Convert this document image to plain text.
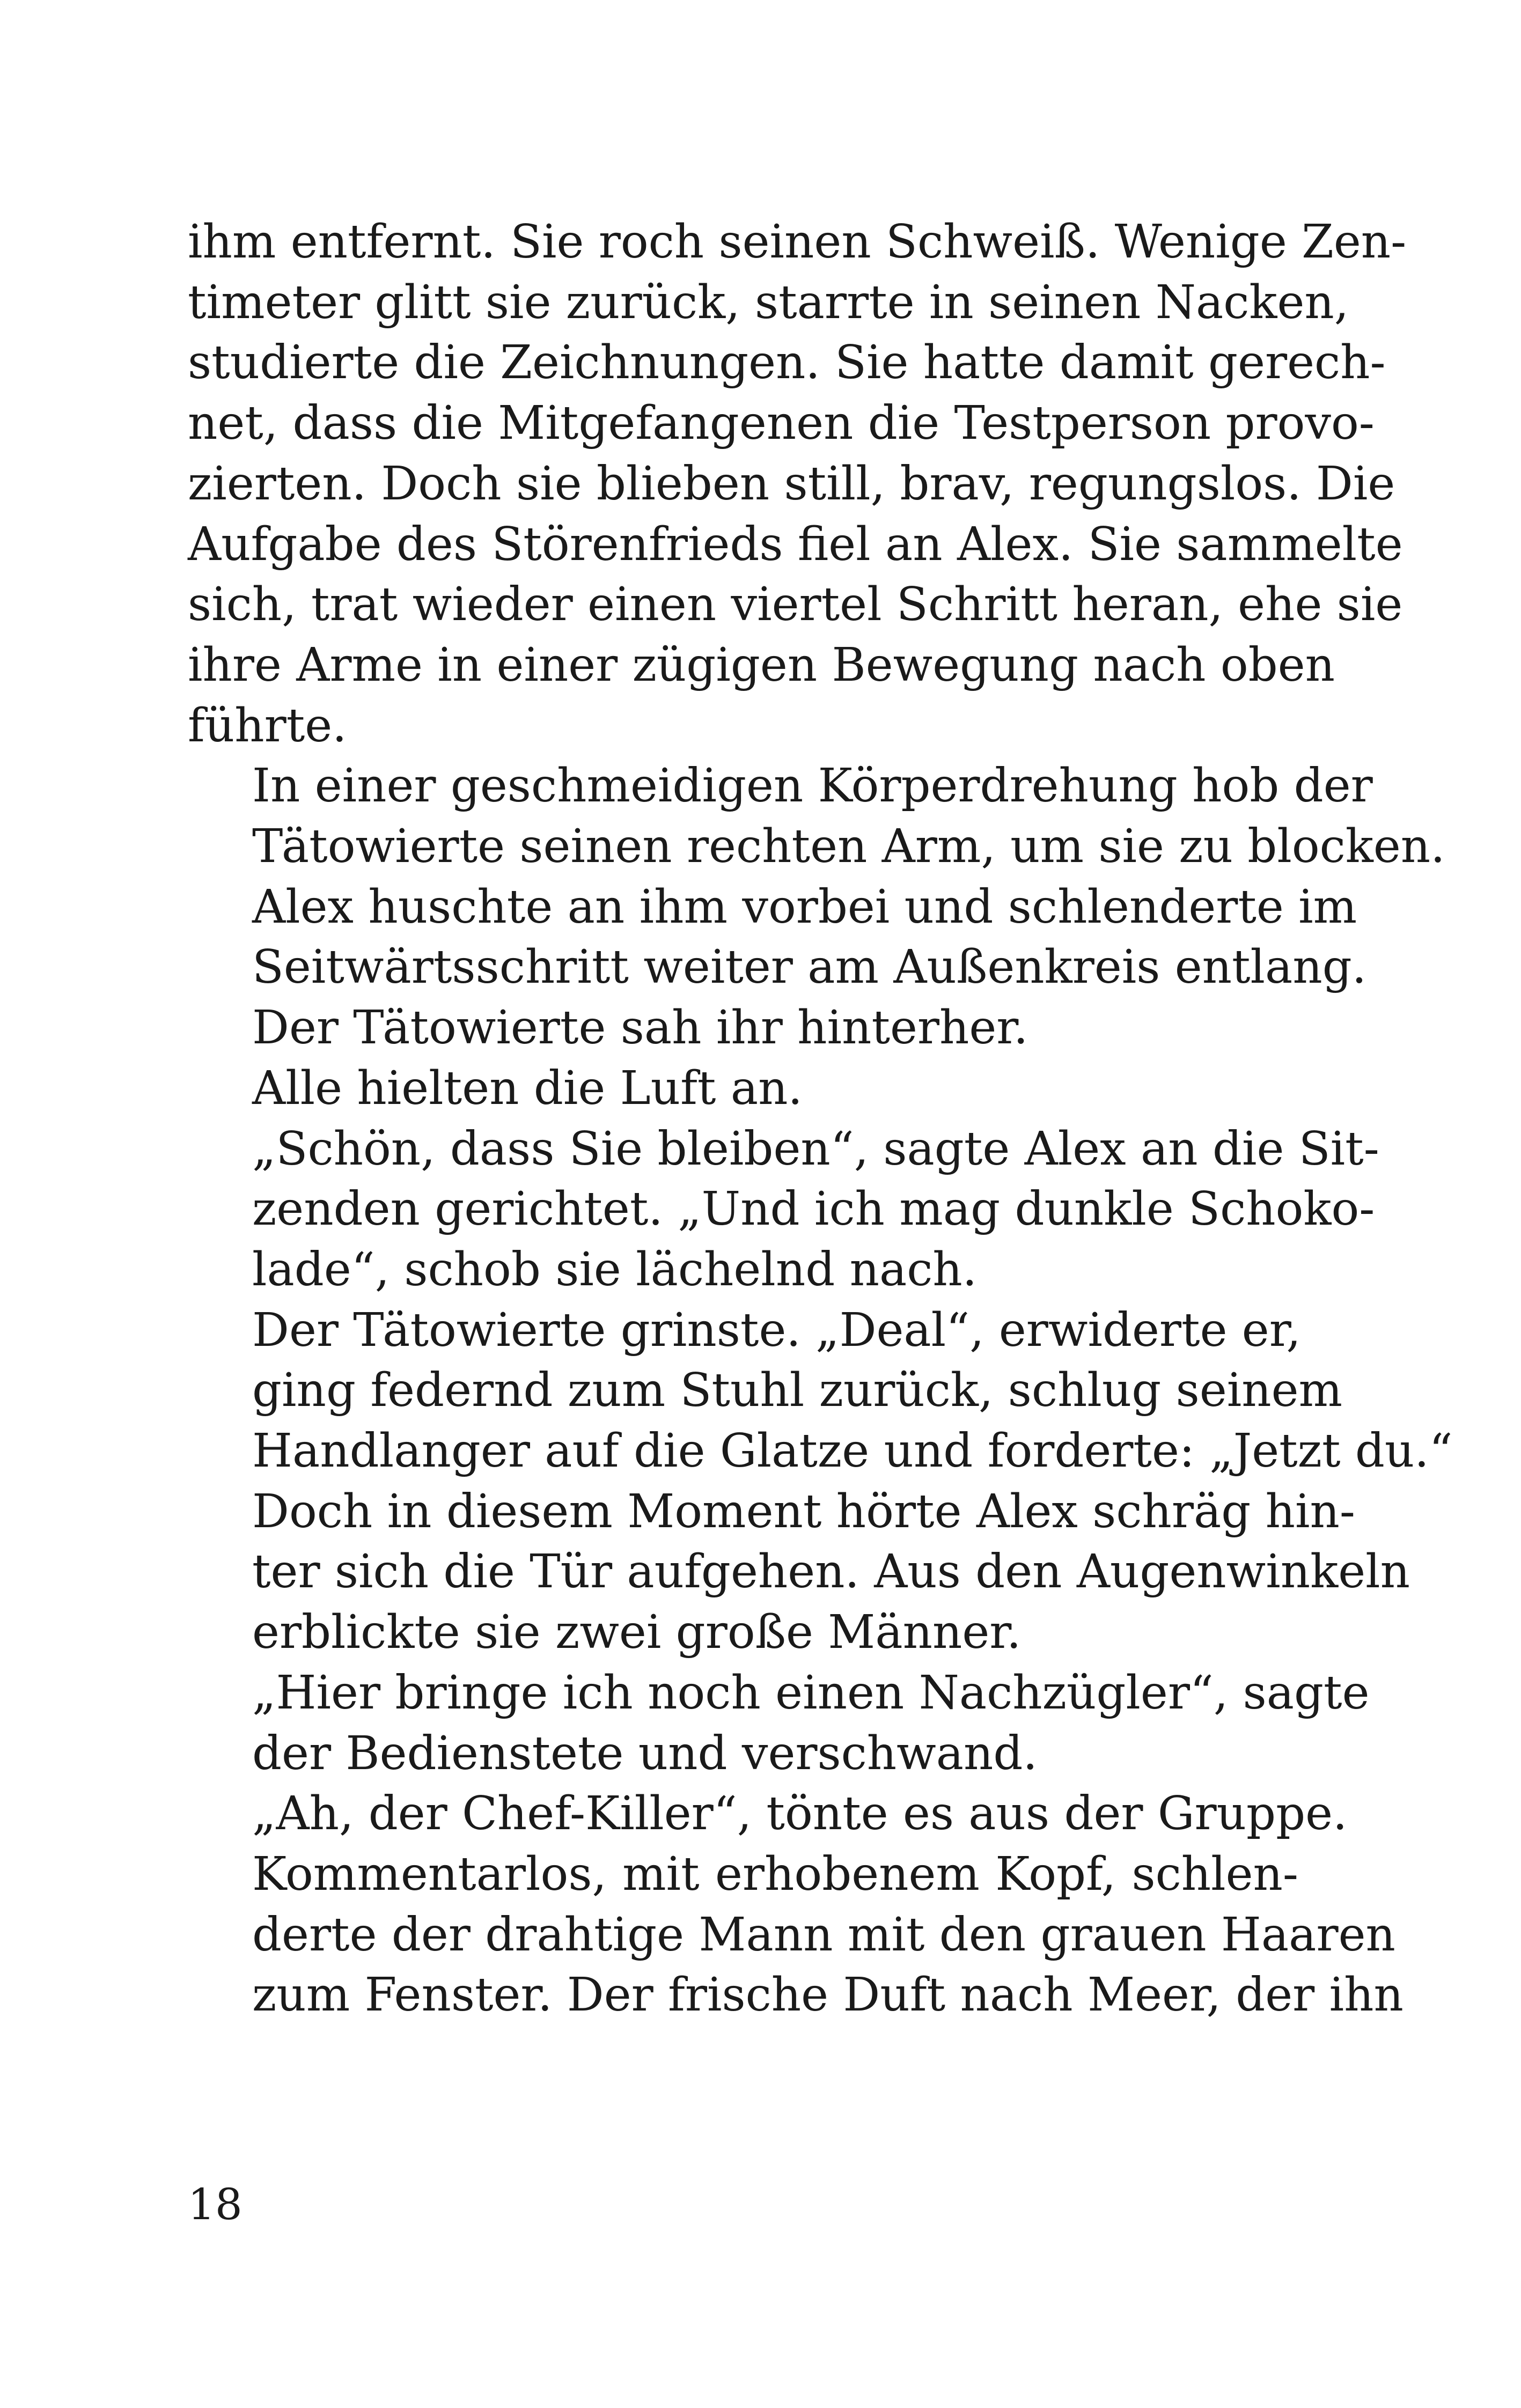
ihm entfernt. Sie roch seinen Schweiß. Wenige Zen-
timeter glitt sie zurück, starrte in seinen Nacken,
studierte die Zeichnungen. Sie hatte damit gerech-
net, dass die Mitgefangenen die Testperson provo-
zierten. Doch sie blieben still, brav, regungslos. Die
Aufgabe des Störenfrieds fiel an Alex. Sie sammelte
sich, trat wieder einen viertel Schritt heran, ehe sie
ihre Arme in einer zügigen Bewegung nach oben
führte.

In einer geschmeidigen Körperdrehung hob der
Tätowierte seinen rechten Arm, um sie zu blocken.

Alex huschte an ihm vorbei und schlenderte im
Seitwärtsschritt weiter am Außenkreis entlang.

Der Tätowierte sah ihr hinterher.

Alle hielten die Luft an.

„Schön, dass Sie bleiben“, sagte Alex an die Sit-
zenden gerichtet. „Und ich mag dunkle Schoko-
lade“, schob sie lächelnd nach.

Der Tätowierte grinste. „Deal“, erwiderte er,
ging federnd zum Stuhl zurück, schlug seinem
Handlanger auf die Glatze und forderte: „Jetzt du.“

Doch in diesem Moment hörte Alex schräg hin-
ter sich die Tür aufgehen. Aus den Augenwinkeln
erblickte sie zwei große Männer.

„Hier bringe ich noch einen Nachzügler“, sagte
der Bedienstete und verschwand.

„Ah, der Chef-Killer“, tönte es aus der Gruppe.

Kommentarlos, mit erhobenem Kopf, schlen-
derte der drahtige Mann mit den grauen Haaren
zum Fenster. Der frische Duft nach Meer, der ihn

18
